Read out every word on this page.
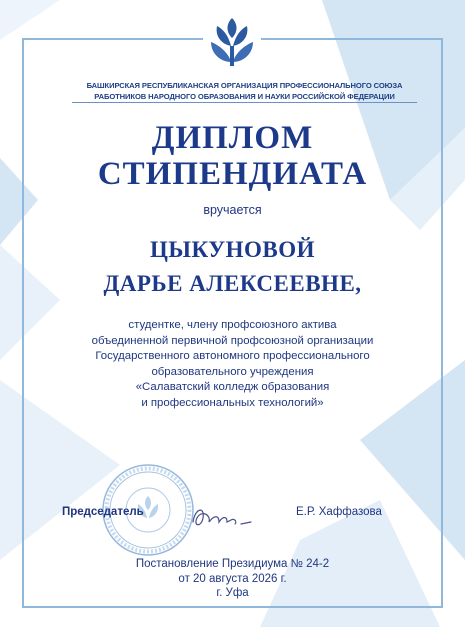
БАШКИРСКАЯ РЕСПУБЛИКАНСКАЯ ОРГАНИЗАЦИЯ ПРОФЕССИОНАЛЬНОГО СОЮЗА
РАБОТНИКОВ НАРОДНОГО ОБРАЗОВАНИЯ И НАУКИ РОССИЙСКОЙ ФЕДЕРАЦИИ
ДИПЛОМ
СТИПЕНДИАТА
вручается
ЦЫКУНОВОЙ
ДАРЬЕ АЛЕКСЕЕВНЕ,
студентке, члену профсоюзного актива
объединенной первичной профсоюзной организации
Государственного автономного профессионального
образовательного учреждения
«Салаватский колледж образования
и профессиональных технологий»
Председатель	Е.Р. Хаффазова
Постановление Президиума № 24-2
от 20 августа 2026 г.
г. Уфа
